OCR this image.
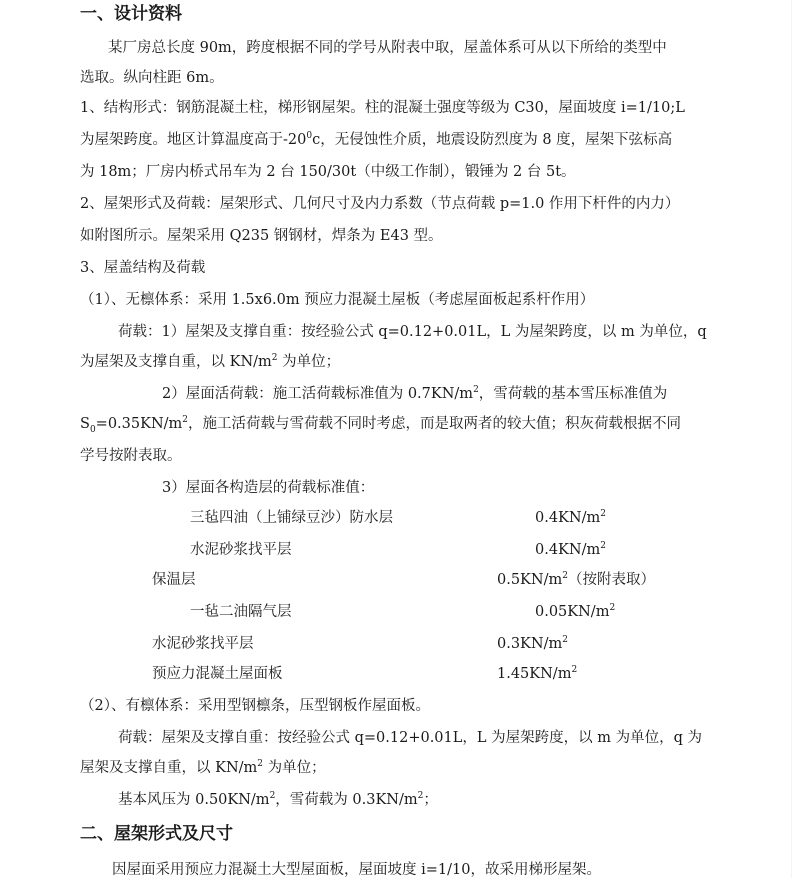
一、设计资料
某厂房总长度 90m，跨度根据不同的学号从附表中取，屋盖体系可从以下所给的类型中
选取。纵向柱距 6m。
1、结构形式：钢筋混凝土柱，梯形钢屋架。柱的混凝土强度等级为 C30，屋面坡度 i=1/10;L
为屋架跨度。地区计算温度高于$-20^0c$，无侵蚀性介质，地震设防烈度为 8 度，屋架下弦标高
为 18m；厂房内桥式吊车为 2 台 150/30t（中级工作制），锻锤为 2 台 5t。
2、屋架形式及荷载：屋架形式、几何尺寸及内力系数（节点荷载 p=1.0 作用下杆件的内力）
如附图所示。屋架采用 Q235 钢钢材，焊条为 E43 型。
3、屋盖结构及荷载
（1）、无檩体系：采用 1.5x6.0m 预应力混凝土屋板（考虑屋面板起系杆作用）
荷载：1）屋架及支撑自重：按经验公式 q=0.12+0.01L，L 为屋架跨度，以 m 为单位，q
为屋架及支撑自重，以 $KN/m^2$ 为单位；
2）屋面活荷载：施工活荷载标准值为 $0.7KN/m^2$，雪荷载的基本雪压标准值为
$S_0=0.35KN/m^2$，施工活荷载与雪荷载不同时考虑，而是取两者的较大值；积灰荷载根据不同
学号按附表取。
3）屋面各构造层的荷载标准值：
三毡四油（上铺绿豆沙）防水层	$0.4KN/m^2$
水泥砂浆找平层	$0.4KN/m^2$
保温层	$0.5KN/m^2$（按附表取）
一毡二油隔气层	$0.05KN/m^2$
水泥砂浆找平层	$0.3KN/m^2$
预应力混凝土屋面板	$1.45KN/m^2$
（2）、有檩体系：采用型钢檩条，压型钢板作屋面板。
荷载：屋架及支撑自重：按经验公式 q=0.12+0.01L，L 为屋架跨度，以 m 为单位，q 为
屋架及支撑自重，以 $KN/m^2$ 为单位；
基本风压为 $0.50KN/m^2$，雪荷载为 $0.3KN/m^2$；
二、屋架形式及尺寸
因屋面采用预应力混凝土大型屋面板，屋面坡度 i=1/10，故采用梯形屋架。
